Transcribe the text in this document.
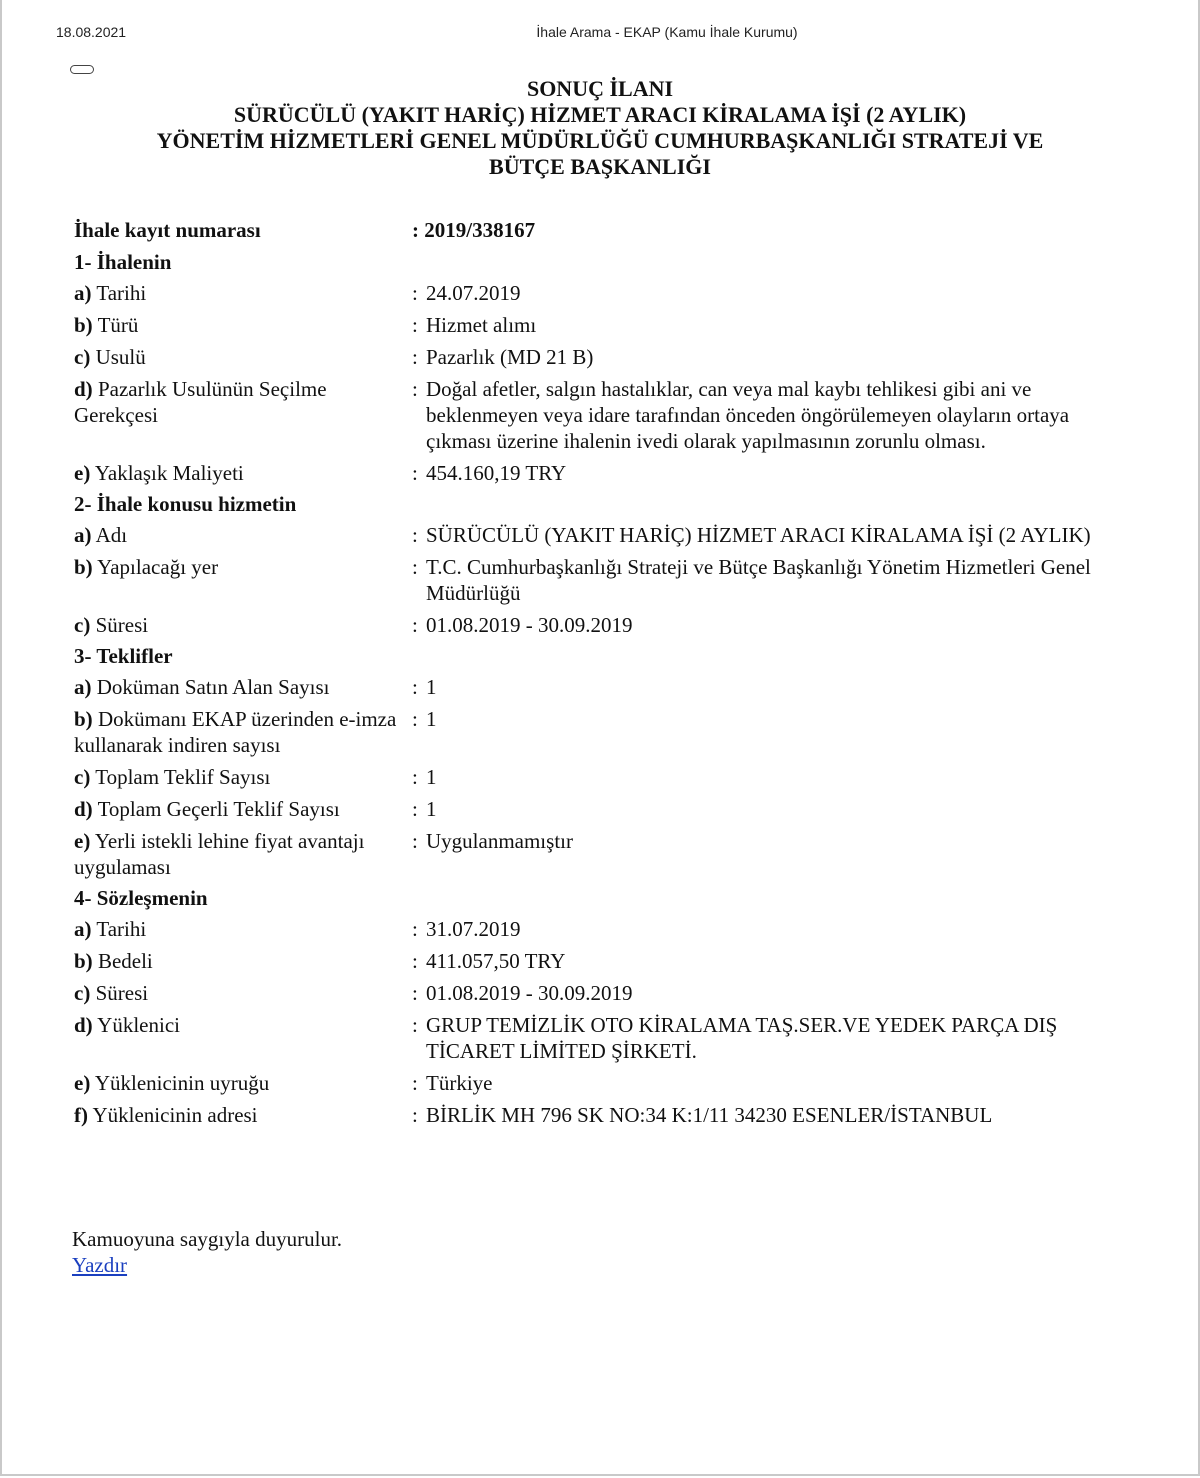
18.08.2021	İhale Arama - EKAP (Kamu İhale Kurumu)
SONUÇ İLANI
SÜRÜCÜLÜ (YAKIT HARİÇ) HİZMET ARACI KİRALAMA İŞİ (2 AYLIK)
YÖNETİM HİZMETLERİ GENEL MÜDÜRLÜĞÜ CUMHURBAŞKANLIĞI STRATEJİ VE
BÜTÇE BAŞKANLIĞI
İhale kayıt numarası	: 2019/338167	
1- İhalenin		
a) Tarihi	:	24.07.2019
b) Türü	:	Hizmet alımı
c) Usulü	:	Pazarlık (MD 21 B)
d) Pazarlık Usulünün Seçilme Gerekçesi	:	Doğal afetler, salgın hastalıklar, can veya mal kaybı tehlikesi gibi ani ve beklenmeyen veya idare tarafından önceden öngörülemeyen olayların ortaya çıkması üzerine ihalenin ivedi olarak yapılmasının zorunlu olması.
e) Yaklaşık Maliyeti	:	454.160,19 TRY
2- İhale konusu hizmetin		
a) Adı	:	SÜRÜCÜLÜ (YAKIT HARİÇ) HİZMET ARACI KİRALAMA İŞİ (2 AYLIK)
b) Yapılacağı yer	:	T.C. Cumhurbaşkanlığı Strateji ve Bütçe Başkanlığı Yönetim Hizmetleri Genel Müdürlüğü
c) Süresi	:	01.08.2019 - 30.09.2019
3- Teklifler		
a) Doküman Satın Alan Sayısı	:	1
b) Dokümanı EKAP üzerinden e-imza kullanarak indiren sayısı	:	1
c) Toplam Teklif Sayısı	:	1
d) Toplam Geçerli Teklif Sayısı	:	1
e) Yerli istekli lehine fiyat avantajı uygulaması	:	Uygulanmamıştır
4- Sözleşmenin		
a) Tarihi	:	31.07.2019
b) Bedeli	:	411.057,50 TRY
c) Süresi	:	01.08.2019 - 30.09.2019
d) Yüklenici	:	GRUP TEMİZLİK OTO KİRALAMA TAŞ.SER.VE YEDEK PARÇA DIŞ TİCARET LİMİTED ŞİRKETİ.
e) Yüklenicinin uyruğu	:	Türkiye
f) Yüklenicinin adresi	:	BİRLİK MH 796 SK NO:34 K:1/11 34230 ESENLER/İSTANBUL
Kamuoyuna saygıyla duyurulur.
Yazdır
